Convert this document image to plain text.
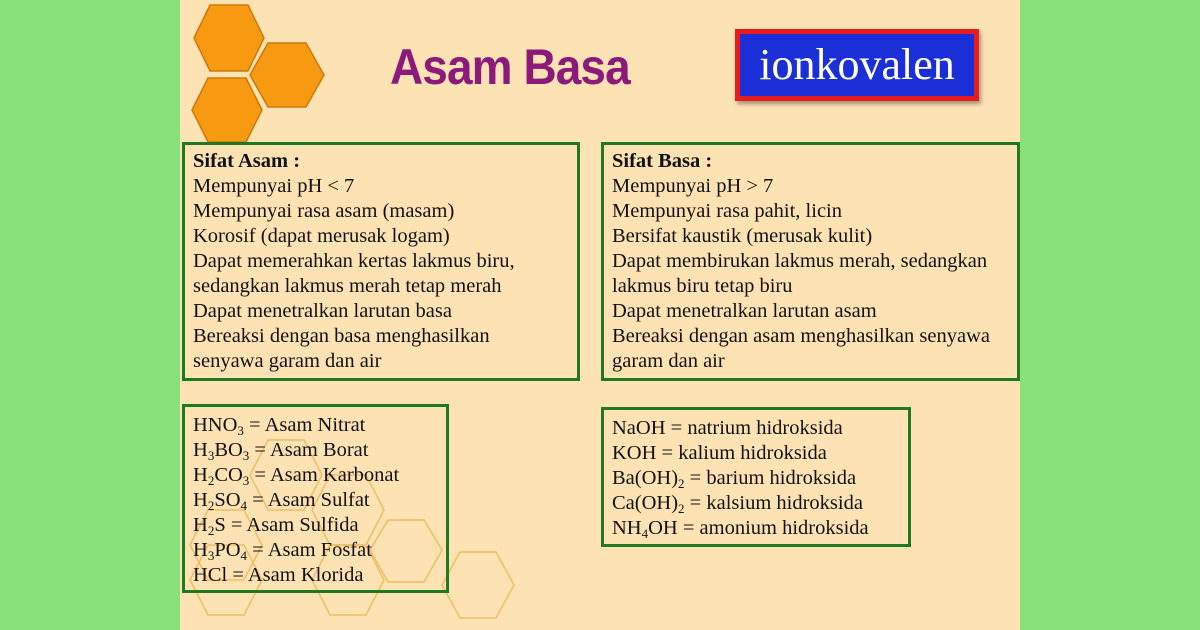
Asam Basa	ionkovalen
Sifat Asam :
Mempunyai pH < 7
Mempunyai rasa asam (masam)
Korosif (dapat merusak logam)
Dapat memerahkan kertas lakmus biru,
sedangkan lakmus merah tetap merah
Dapat menetralkan larutan basa
Bereaksi dengan basa menghasilkan
senyawa garam dan air
Sifat Basa :
Mempunyai pH > 7
Mempunyai rasa pahit, licin
Bersifat kaustik (merusak kulit)
Dapat membirukan lakmus merah, sedangkan
lakmus biru tetap biru
Dapat menetralkan larutan asam
Bereaksi dengan asam menghasilkan senyawa
garam dan air
$HNO_3$ = Asam Nitrat
$H_3BO_3$ = Asam Borat
$H_2CO_3$ = Asam Karbonat
$H_2SO_4$ = Asam Sulfat
$H_2S$ = Asam Sulfida
$H_3PO_4$ = Asam Fosfat
HCl = Asam Klorida
NaOH = natrium hidroksida
KOH = kalium hidroksida
$Ba(OH)_2$ = barium hidroksida
$Ca(OH)_2$ = kalsium hidroksida
$NH_4OH$ = amonium hidroksida
